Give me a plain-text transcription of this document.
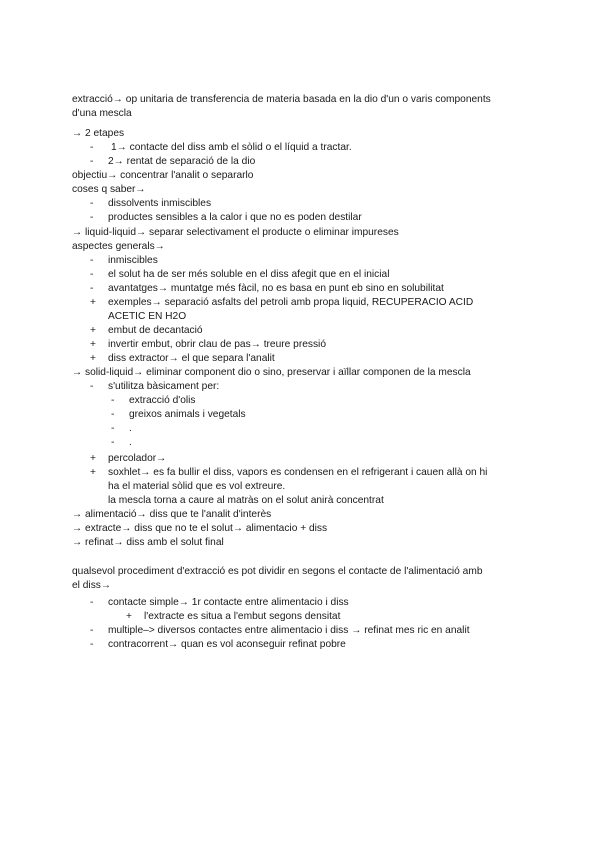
extracció→ op unitaria de transferencia de materia basada en la dio d'un o varis components
d'una mescla
→ 2 etapes
- 1→ contacte del diss amb el sòlid o el líquid a tractar.
- 2→ rentat de separació de la dio
objectiu→ concentrar l'analit o separarlo
coses q saber→
- dissolvents inmiscibles
- productes sensibles a la calor i que no es poden destilar
→ liquid-liquid→ separar selectivament el producte o eliminar impureses
aspectes generals→
- inmiscibles
- el solut ha de ser més soluble en el diss afegit que en el inicial
- avantatges→ muntatge més fàcil, no es basa en punt eb sino en solubilitat
+ exemples→ separació asfalts del petroli amb propa liquid, RECUPERACIO ACID
ACETIC EN H2O
+ embut de decantació
+ invertir embut, obrir clau de pas→ treure pressió
+ diss extractor→ el que separa l'analit
→ solid-liquid→ eliminar component dio o sino, preservar i aïllar componen de la mescla
- s'utilitza bàsicament per:
- extracció d'olis
- greixos animals i vegetals
- .
- .
+ percolador→
+ soxhlet→ es fa bullir el diss, vapors es condensen en el refrigerant i cauen allà on hi
ha el material sòlid que es vol extreure.
la mescla torna a caure al matràs on el solut anirà concentrat
→ alimentació→ diss que te l'analit d'interès
→ extracte→ diss que no te el solut→ alimentacio + diss
→ refinat→ diss amb el solut final
qualsevol procediment d'extracció es pot dividir en segons el contacte de l'alimentació amb
el diss→
- contacte simple→ 1r contacte entre alimentacio i diss
+ l'extracte es situa a l'embut segons densitat
- multiple–> diversos contactes entre alimentacio i diss → refinat mes ric en analit
- contracorrent→ quan es vol aconseguir refinat pobre
